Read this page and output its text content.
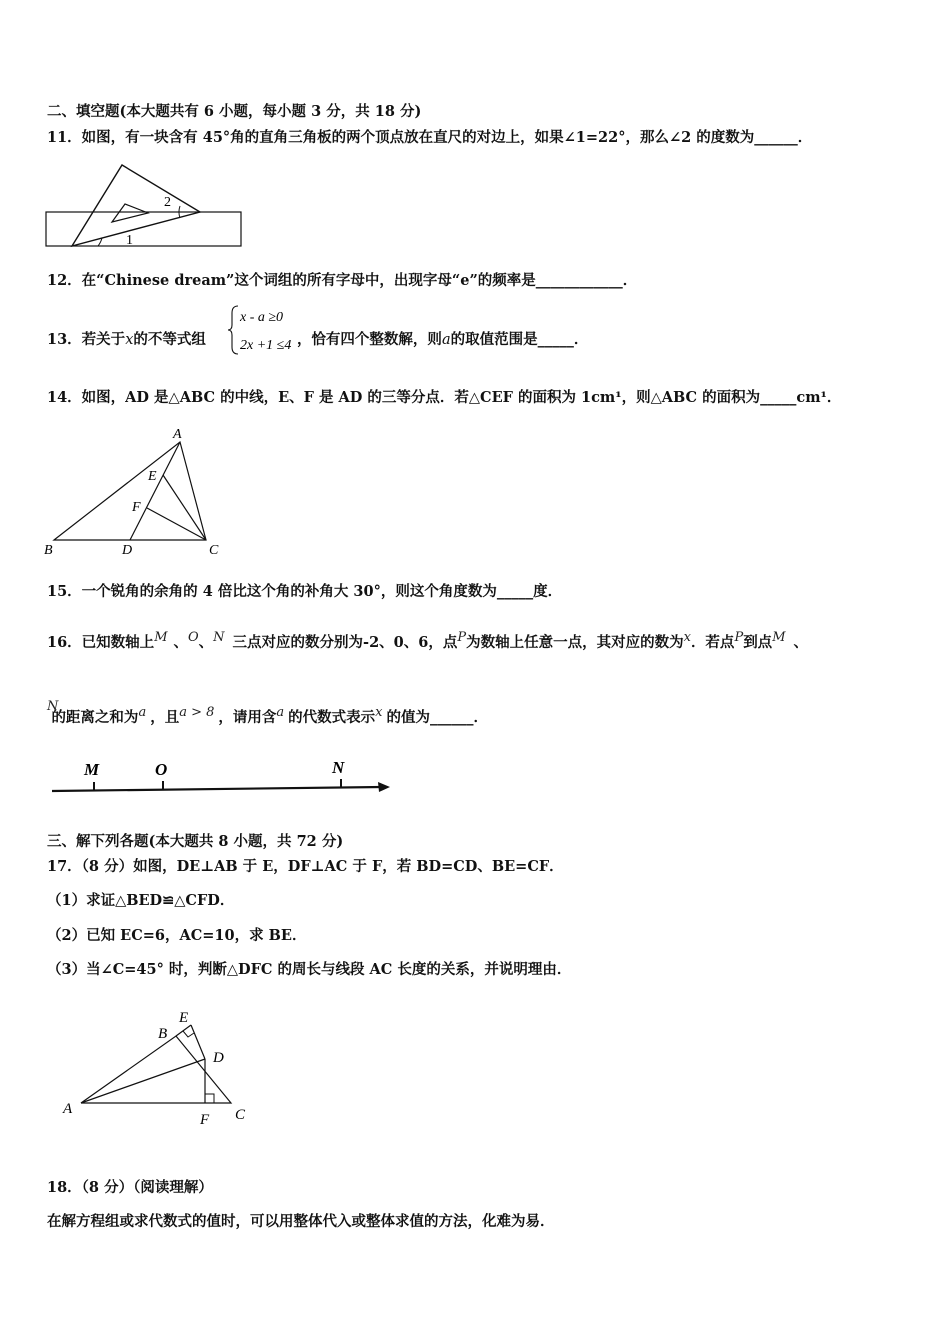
二、填空题(本大题共有 6 小题，每小题 3 分，共 18 分)
11．如图，有一块含有 45°角的直角三角板的两个顶点放在直尺的对边上，如果∠1=22°，那么∠2 的度数为______．
1
2
12．在“Chinese dream”这个词组的所有字母中，出现字母“e”的频率是____________．
13．若关于x的不等式组	，恰有四个整数解，则a的取值范围是_____．
x - a ≥0
2x +1 ≤4
14．如图，AD 是△ABC 的中线，E、F 是 AD 的三等分点．若△CEF 的面积为 1cm¹，则△ABC 的面积为_____cm¹．
A
B	C
D
E
F
15．一个锐角的余角的 4 倍比这个角的补角大 30°，则这个角度数为_____度．
16．已知数轴上$^M$ 、$^O$、$^N$ 三点对应的数分别为-2、0、6，点$^P$为数轴上任意一点，其对应的数为$^x$．若点$^P$到点$^M$ 、
N 的距离之和为$^a$ ，且$^{a > 8}$ ，请用含$^a$ 的代数式表示$^x$ 的值为______．
M	O	N
三、解下列各题(本大题共 8 小题，共 72 分)
17．（8 分）如图，DE⊥AB 于 E，DF⊥AC 于 F，若 BD=CD、BE=CF．
（1）求证△BED≌△CFD．
（2）已知 EC=6，AC=10，求 BE．
（3）当∠C=45° 时，判断△DFC 的周长与线段 AC 长度的关系，并说明理由．
A
B
E
D
F C
18．（8 分）（阅读理解）
在解方程组或求代数式的值时，可以用整体代入或整体求值的方法，化难为易．
